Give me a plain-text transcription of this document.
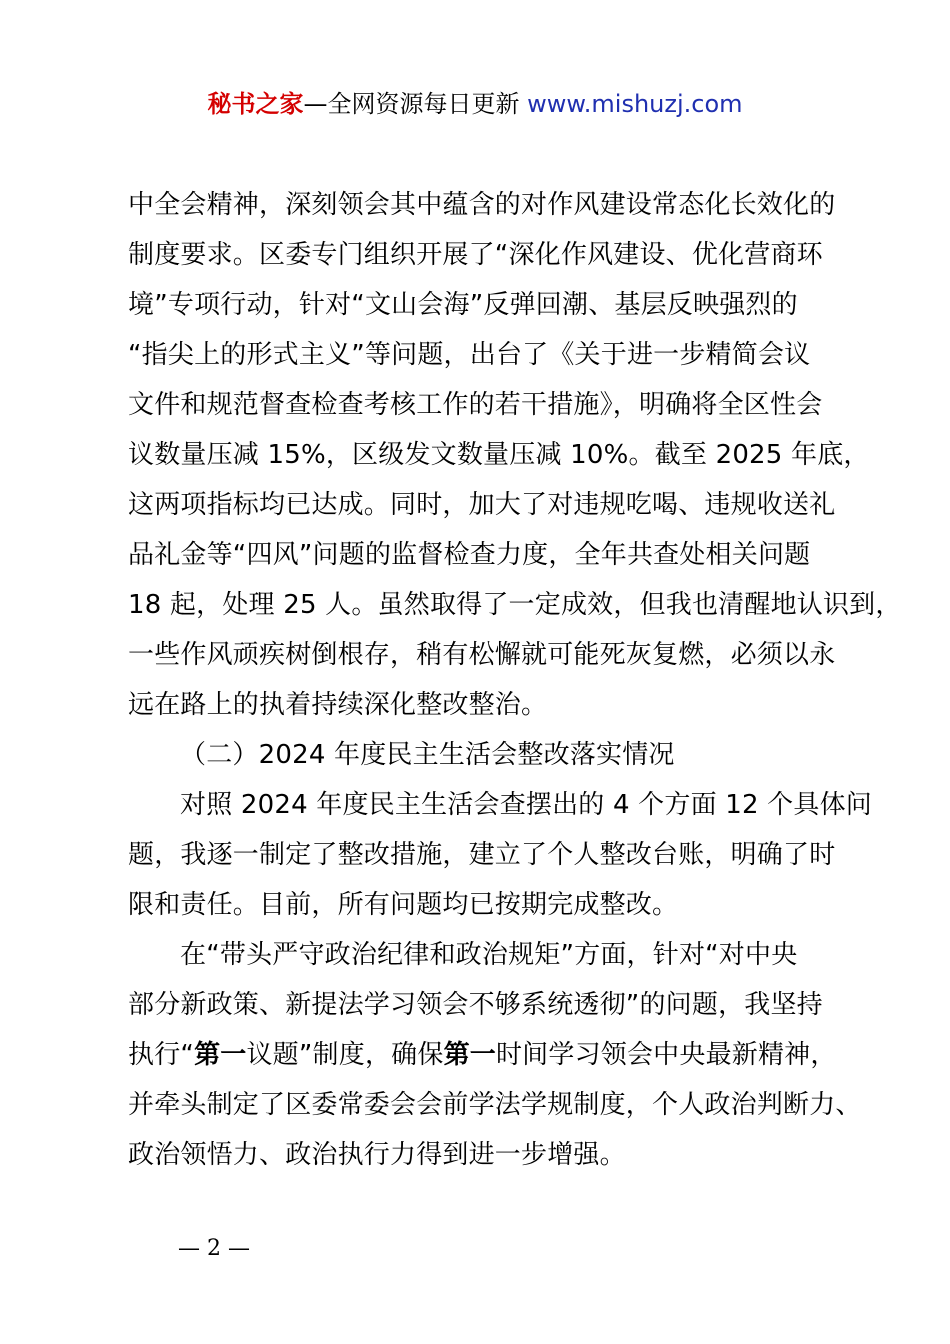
秘书之家—全网资源每日更新 www.mishuzj.com
中全会精神，深刻领会其中蕴含的对作风建设常态化长效化的
制度要求。区委专门组织开展了“深化作风建设、优化营商环
境”专项行动，针对“文山会海”反弹回潮、基层反映强烈的
“指尖上的形式主义”等问题，出台了《关于进一步精简会议
文件和规范督查检查考核工作的若干措施》，明确将全区性会
议数量压减 15%，区级发文数量压减 10%。截至 2025 年底，
这两项指标均已达成。同时，加大了对违规吃喝、违规收送礼
品礼金等“四风”问题的监督检查力度，全年共查处相关问题
18 起，处理 25 人。虽然取得了一定成效，但我也清醒地认识到，
一些作风顽疾树倒根存，稍有松懈就可能死灰复燃，必须以永
远在路上的执着持续深化整改整治。
（二）2024 年度民主生活会整改落实情况
对照 2024 年度民主生活会查摆出的 4 个方面 12 个具体问
题，我逐一制定了整改措施，建立了个人整改台账，明确了时
限和责任。目前，所有问题均已按期完成整改。
在“带头严守政治纪律和政治规矩”方面，针对“对中央
部分新政策、新提法学习领会不够系统透彻”的问题，我坚持
执行“第一议题”制度，确保第一时间学习领会中央最新精神，
并牵头制定了区委常委会会前学法学规制度，个人政治判断力、
政治领悟力、政治执行力得到进一步增强。
— 2 —
